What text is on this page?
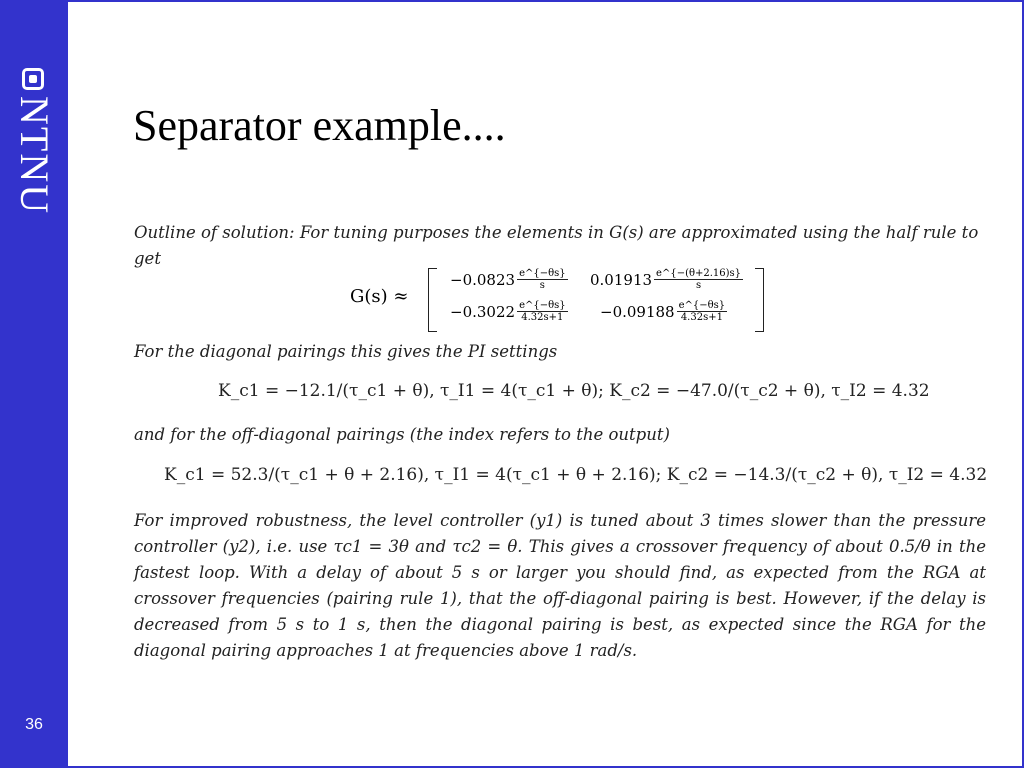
NTNU
36
Separator example....
Outline of solution: For tuning purposes the elements in G(s) are approximated using the half rule to get
G(s) ≈
$-0.0823 \frac{e\^{}\{-\theta s\}}{s} 0.01913 \frac{e\^{}\{-(\theta+2.16)s\}}{s}$
$-0.3022 \frac{e\^{}\{-\theta s\}}{4.32s+1} -0.09188 \frac{e\^{}\{-\theta s\}}{4.32s+1}$
For the diagonal pairings this gives the PI settings
K_c1 = −12.1/(τ_c1 + θ), τ_I1 = 4(τ_c1 + θ); K_c2 = −47.0/(τ_c2 + θ), τ_I2 = 4.32
and for the off-diagonal pairings (the index refers to the output)
K_c1 = 52.3/(τ_c1 + θ + 2.16), τ_I1 = 4(τ_c1 + θ + 2.16); K_c2 = −14.3/(τ_c2 + θ), τ_I2 = 4.32
For improved robustness, the level controller (y1) is tuned about 3 times slower than the pressure controller (y2), i.e. use τc1 = 3θ and τc2 = θ. This gives a crossover frequency of about 0.5/θ in the fastest loop. With a delay of about 5 s or larger you should find, as expected from the RGA at crossover frequencies (pairing rule 1), that the off-diagonal pairing is best. However, if the delay is decreased from 5 s to 1 s, then the diagonal pairing is best, as expected since the RGA for the diagonal pairing approaches 1 at frequencies above 1 rad/s.
